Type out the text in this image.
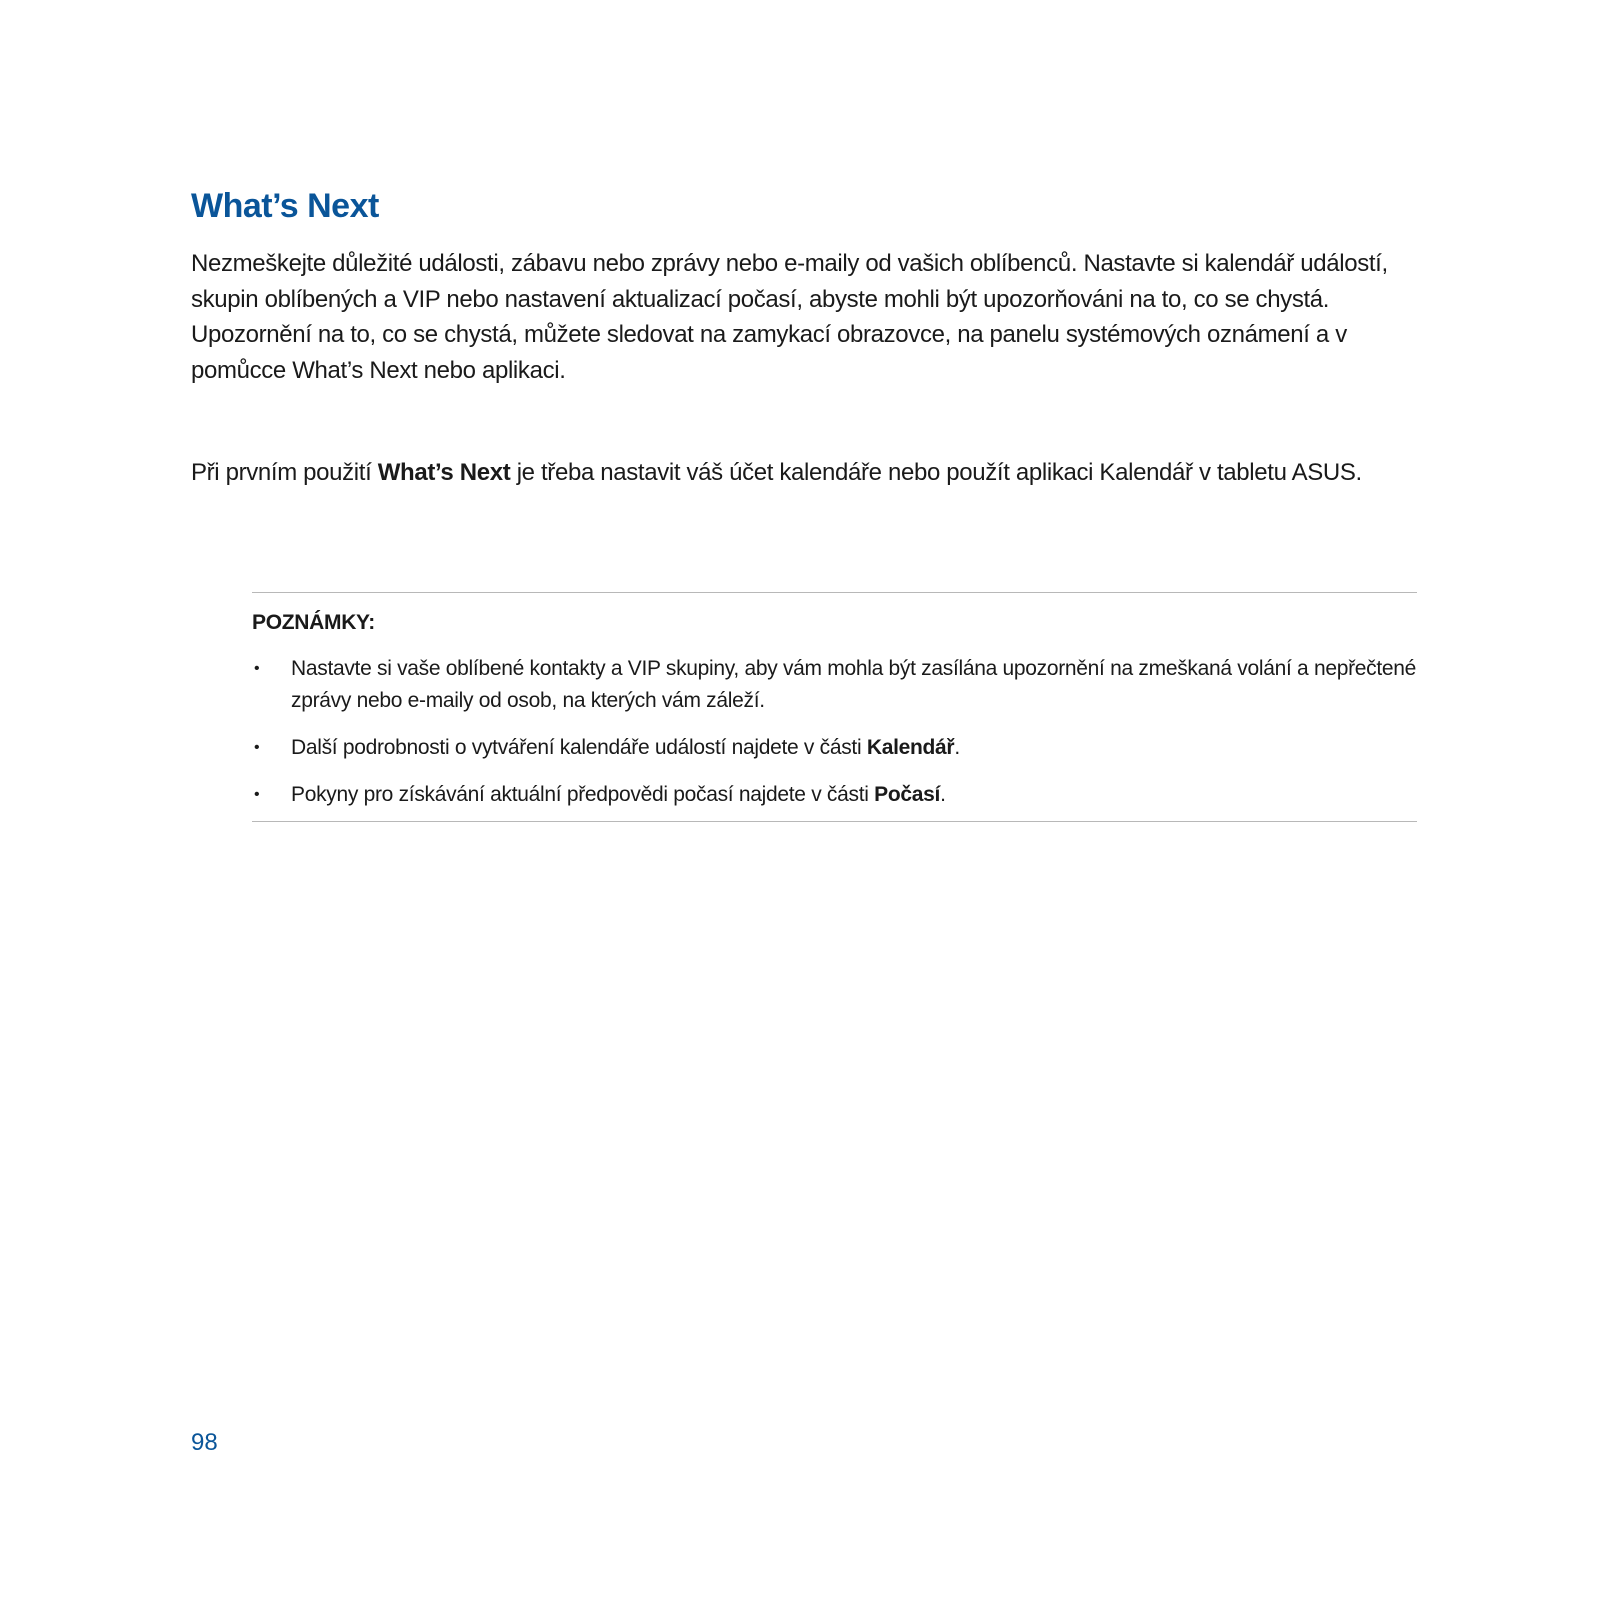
What’s Next

Nezmeškejte důležité události, zábavu nebo zprávy nebo e-maily od vašich oblíbenců. Nastavte si kalendář událostí, skupin oblíbených a VIP nebo nastavení aktualizací počasí, abyste mohli být upozorňováni na to, co se chystá. Upozornění na to, co se chystá, můžete sledovat na zamykací obrazovce, na panelu systémových oznámení a v pomůcce What’s Next nebo aplikaci.

Při prvním použití What’s Next je třeba nastavit váš účet kalendáře nebo použít aplikaci Kalendář v tabletu ASUS.

POZNÁMKY:
• Nastavte si vaše oblíbené kontakty a VIP skupiny, aby vám mohla být zasílána upozornění na zmeškaná volání a nepřečtené zprávy nebo e-maily od osob, na kterých vám záleží.
• Další podrobnosti o vytváření kalendáře událostí najdete v části Kalendář.
• Pokyny pro získávání aktuální předpovědi počasí najdete v části Počasí.
98
